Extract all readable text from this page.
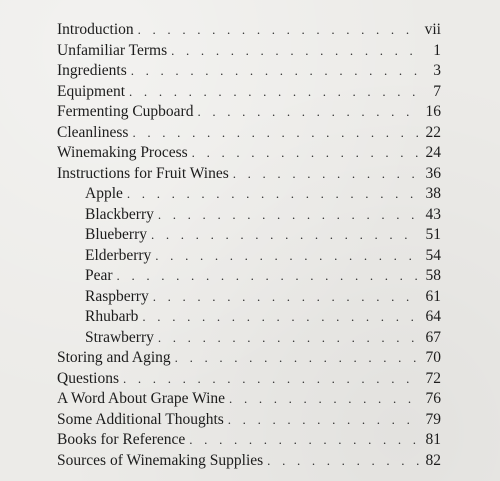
Introduction . . .	vii
Unfamiliar Terms . . .	1
Ingredients . . .	3
Equipment . . .	7
Fermenting Cupboard . . .	16
Cleanliness . . .	22
Winemaking Process . . .	24
Instructions for Fruit Wines . . .	36
Apple . . .	38
Blackberry . . .	43
Blueberry . . .	51
Elderberry . . .	54
Pear . . .	58
Raspberry . . .	61
Rhubarb . . .	64
Strawberry . . .	67
Storing and Aging . . .	70
Questions . . .	72
A Word About Grape Wine . . .	76
Some Additional Thoughts . . .	79
Books for Reference . . .	81
Sources of Winemaking Supplies . . .	82
